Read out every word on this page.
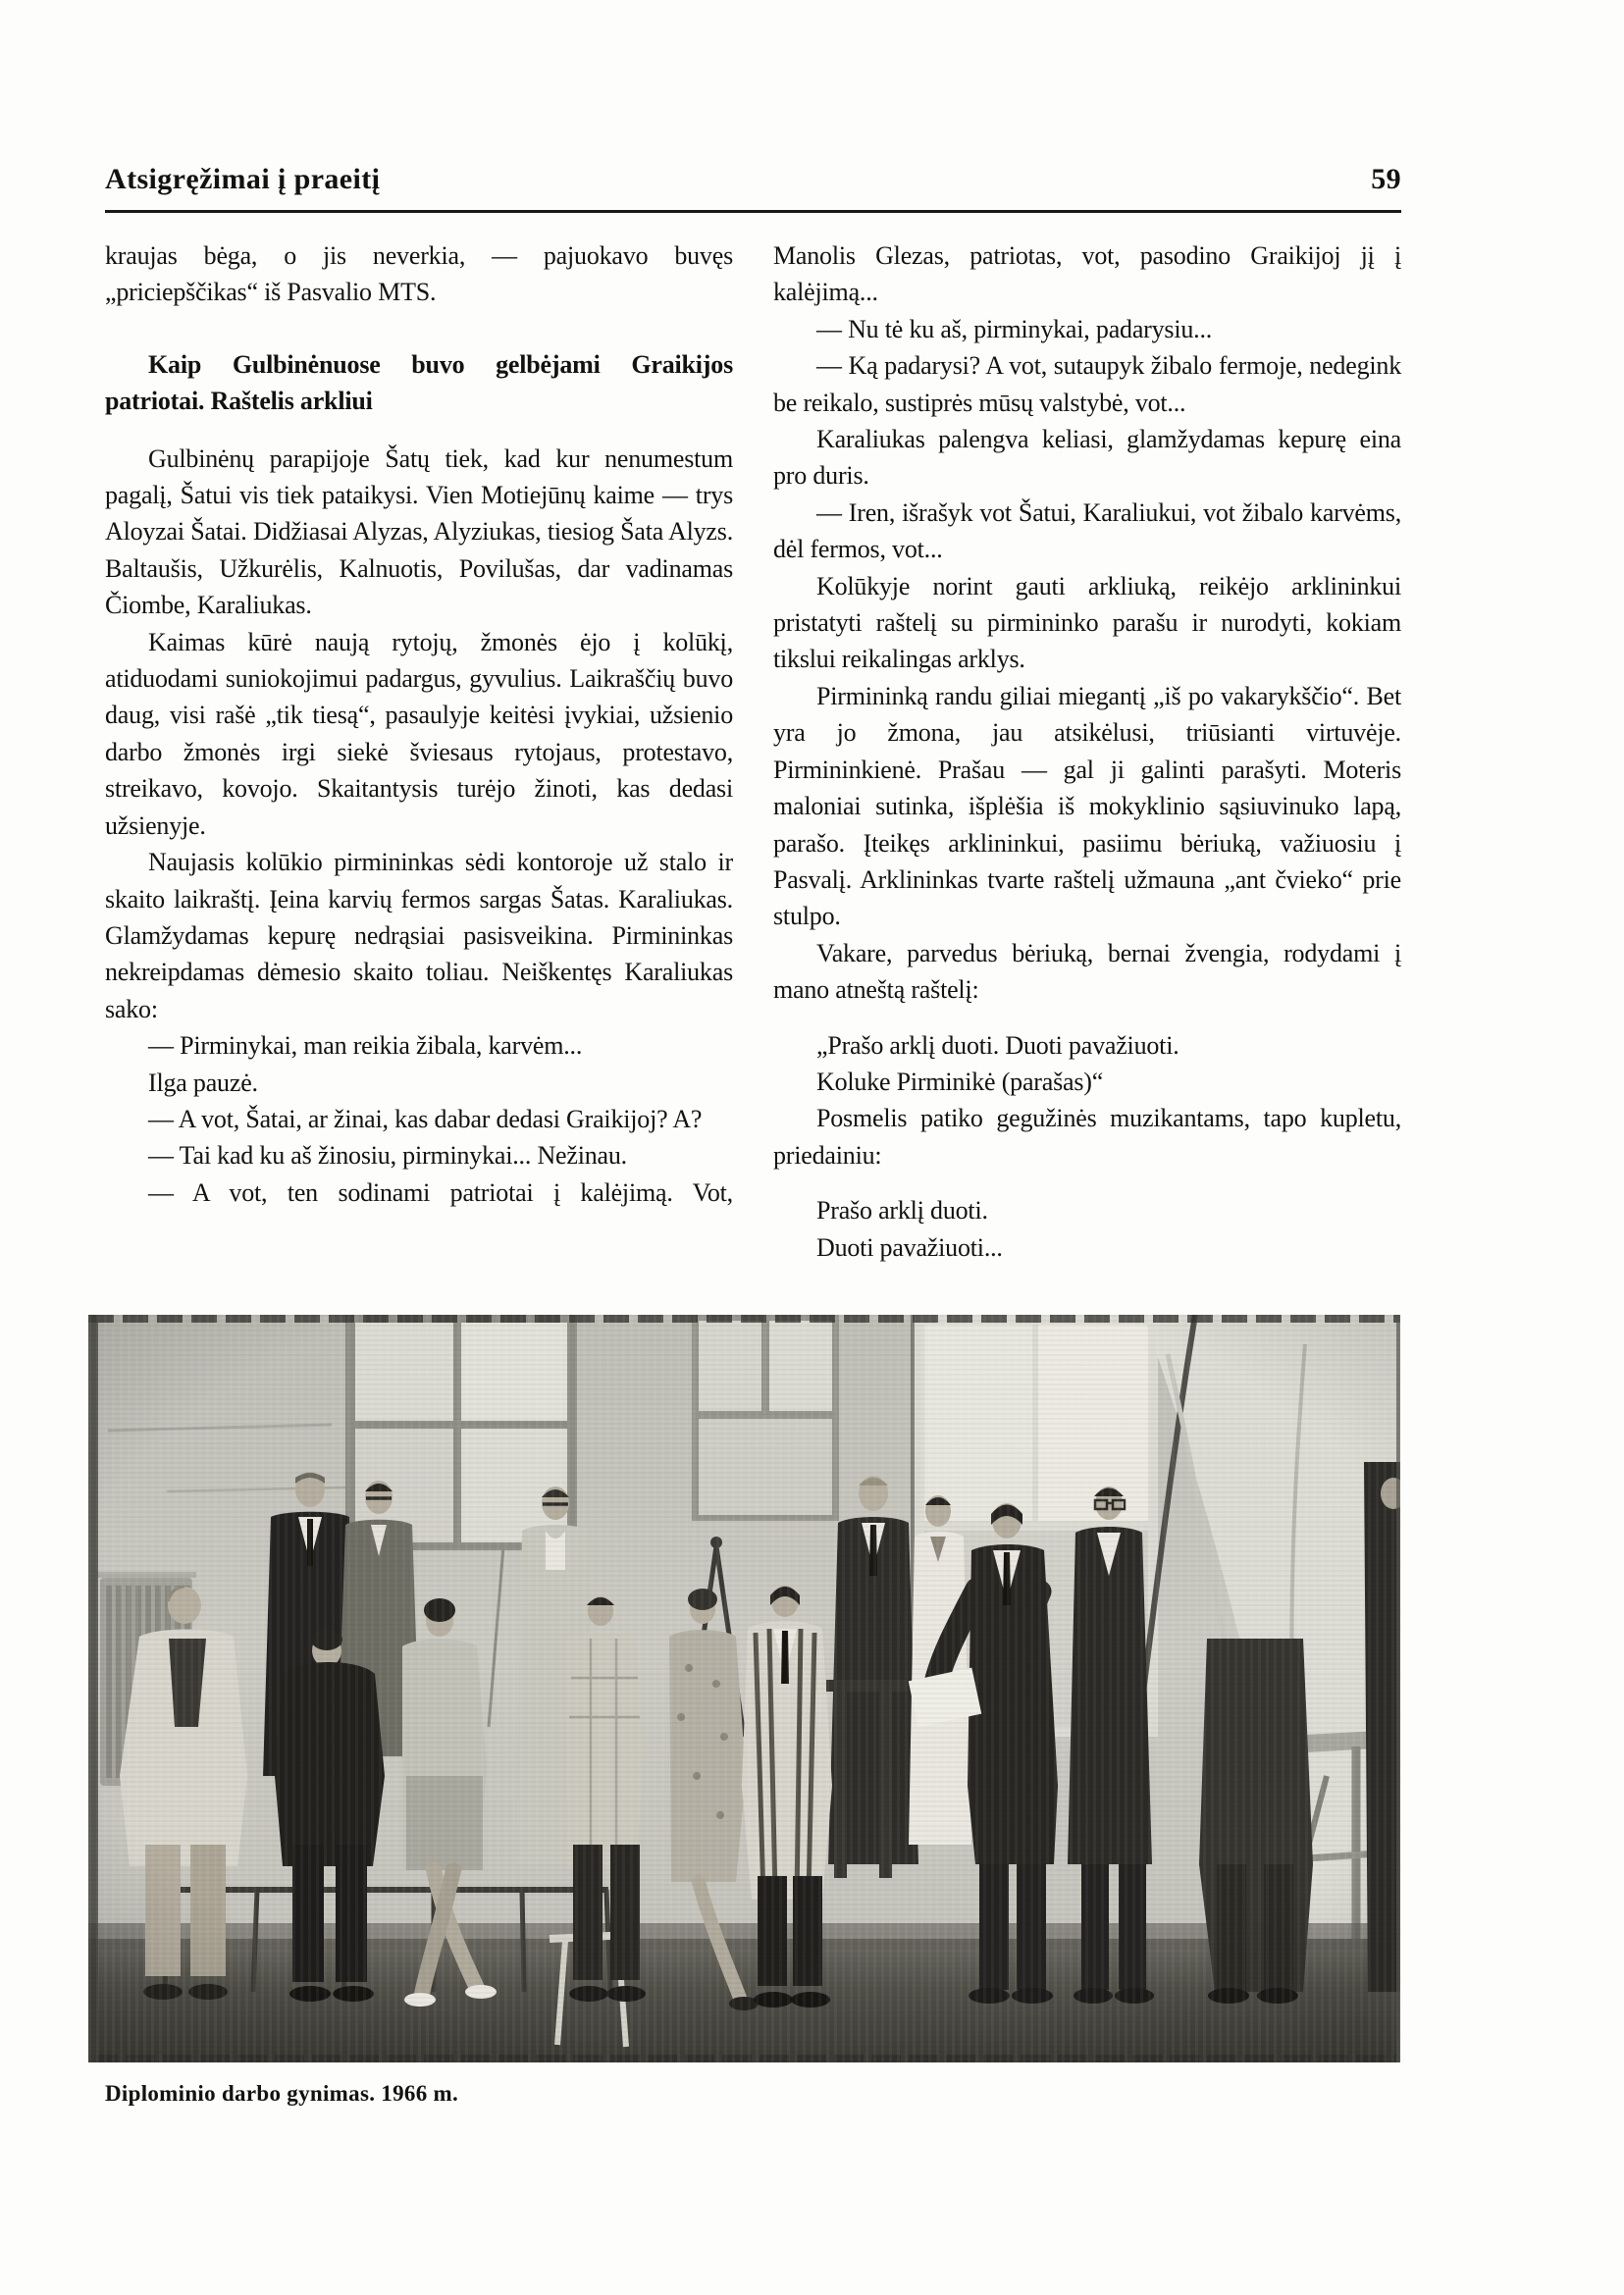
Atsigręžimai į praeitį	59

kraujas bėga, o jis neverkia, — pajuokavo buvęs „priciepščikas“ iš Pasvalio MTS.

Kaip Gulbinėnuose buvo gelbėjami Graikijos patriotai. Raštelis arkliui

Gulbinėnų parapijoje Šatų tiek, kad kur nenumestum pagalį, Šatui vis tiek pataikysi. Vien Motiejūnų kaime — trys Aloyzai Šatai. Didžiasai Alyzas, Alyziukas, tiesiog Šata Alyzs. Baltaušis, Užkurėlis, Kalnuotis, Povilušas, dar vadinamas Čiombe, Karaliukas.

Kaimas kūrė naują rytojų, žmonės ėjo į kolūkį, atiduodami suniokojimui padargus, gyvulius. Laikraščių buvo daug, visi rašė „tik tiesą“, pasaulyje keitėsi įvykiai, užsienio darbo žmonės irgi siekė šviesaus rytojaus, protestavo, streikavo, kovojo. Skaitantysis turėjo žinoti, kas dedasi užsienyje.

Naujasis kolūkio pirmininkas sėdi kontoroje už stalo ir skaito laikraštį. Įeina karvių fermos sargas Šatas. Karaliukas. Glamžydamas kepurę nedrąsiai pasisveikina. Pirmininkas nekreipdamas dėmesio skaito toliau. Neiškentęs Karaliukas sako:

— Pirminykai, man reikia žibala, karvėm...

Ilga pauzė.

— A vot, Šatai, ar žinai, kas dabar dedasi Graikijoj? A?

— Tai kad ku aš žinosiu, pirminykai... Nežinau.

— A vot, ten sodinami patriotai į kalėjimą. Vot,

Manolis Glezas, patriotas, vot, pasodino Graikijoj jį į kalėjimą...

— Nu tė ku aš, pirminykai, padarysiu...

— Ką padarysi? A vot, sutaupyk žibalo fermoje, nedegink be reikalo, sustiprės mūsų valstybė, vot...

Karaliukas palengva keliasi, glamžydamas kepurę eina pro duris.

— Iren, išrašyk vot Šatui, Karaliukui, vot žibalo karvėms, dėl fermos, vot...

Kolūkyje norint gauti arkliuką, reikėjo arklininkui pristatyti raštelį su pirmininko parašu ir nurodyti, kokiam tikslui reikalingas arklys.

Pirmininką randu giliai miegantį „iš po vakarykščio“. Bet yra jo žmona, jau atsikėlusi, triūsianti virtuvėje. Pirmininkienė. Prašau — gal ji galinti parašyti. Moteris maloniai sutinka, išplėšia iš mokyklinio sąsiuvinuko lapą, parašo. Įteikęs arklininkui, pasiimu bėriuką, važiuosiu į Pasvalį. Arklininkas tvarte raštelį užmauna „ant čvieko“ prie stulpo.

Vakare, parvedus bėriuką, bernai žvengia, rodydami į mano atneštą raštelį:

„Prašo arklį duoti. Duoti pavažiuoti.

Koluke Pirminikė (parašas)“

Posmelis patiko gegužinės muzikantams, tapo kupletu, priedainiu:

Prašo arklį duoti.

Duoti pavažiuoti...

Diplominio darbo gynimas. 1966 m.
